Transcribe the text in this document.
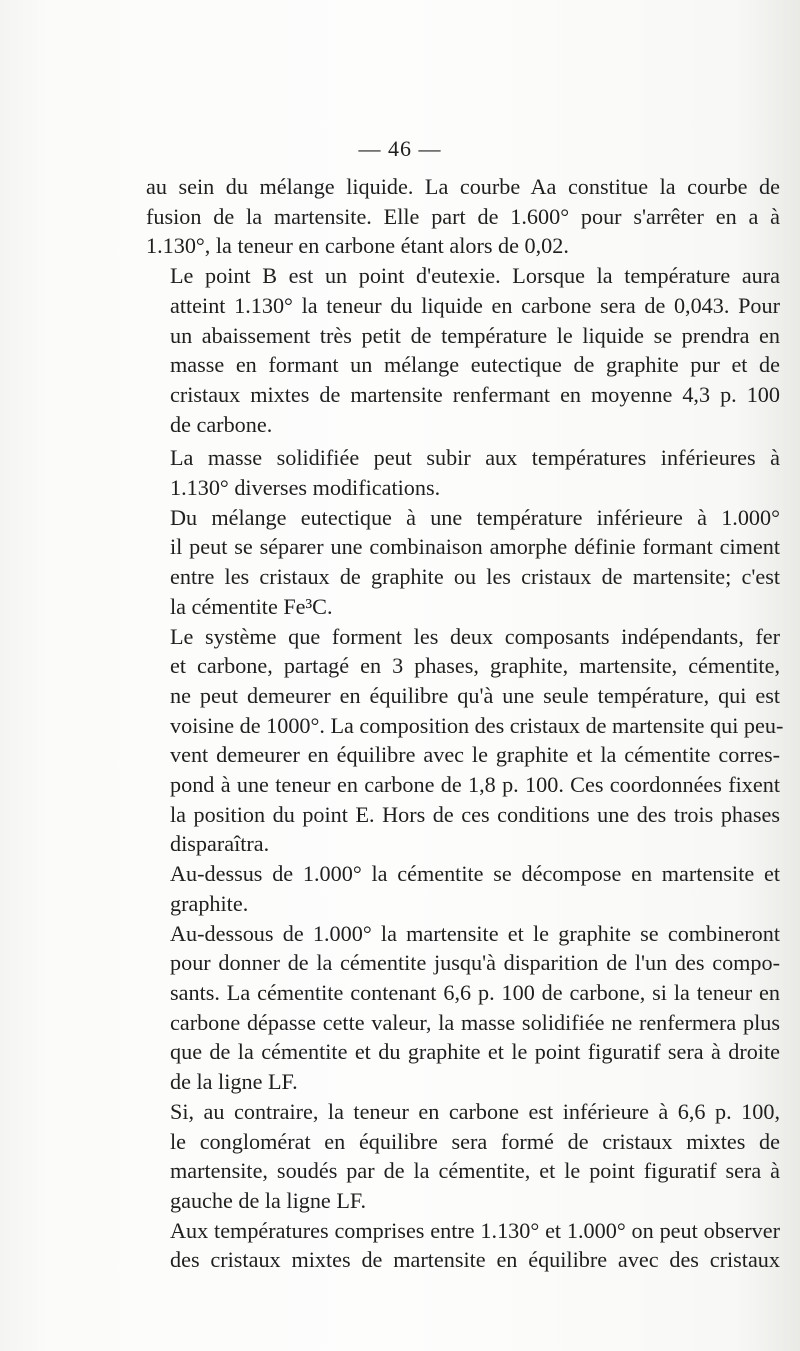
— 46 —

au sein du mélange liquide. La courbe Aa constitue la courbe de
fusion de la martensite. Elle part de 1.600° pour s'arrêter en a à
1.130°, la teneur en carbone étant alors de 0,02.

Le point B est un point d'eutexie. Lorsque la température aura
atteint 1.130° la teneur du liquide en carbone sera de 0,043. Pour
un abaissement très petit de température le liquide se prendra en
masse en formant un mélange eutectique de graphite pur et de
cristaux mixtes de martensite renfermant en moyenne 4,3 p. 100
de carbone.

La masse solidifiée peut subir aux températures inférieures à
1.130° diverses modifications.

Du mélange eutectique à une température inférieure à 1.000°
il peut se séparer une combinaison amorphe définie formant ciment
entre les cristaux de graphite ou les cristaux de martensite; c'est
la cémentite Fe³C.

Le système que forment les deux composants indépendants, fer
et carbone, partagé en 3 phases, graphite, martensite, cémentite,
ne peut demeurer en équilibre qu'à une seule température, qui est
voisine de 1000°. La composition des cristaux de martensite qui peu-
vent demeurer en équilibre avec le graphite et la cémentite corres-
pond à une teneur en carbone de 1,8 p. 100. Ces coordonnées fixent
la position du point E. Hors de ces conditions une des trois phases
disparaîtra.

Au-dessus de 1.000° la cémentite se décompose en martensite et
graphite.

Au-dessous de 1.000° la martensite et le graphite se combineront
pour donner de la cémentite jusqu'à disparition de l'un des compo-
sants. La cémentite contenant 6,6 p. 100 de carbone, si la teneur en
carbone dépasse cette valeur, la masse solidifiée ne renfermera plus
que de la cémentite et du graphite et le point figuratif sera à droite
de la ligne LF.

Si, au contraire, la teneur en carbone est inférieure à 6,6 p. 100,
le conglomérat en équilibre sera formé de cristaux mixtes de
martensite, soudés par de la cémentite, et le point figuratif sera à
gauche de la ligne LF.

Aux températures comprises entre 1.130° et 1.000° on peut observer
des cristaux mixtes de martensite en équilibre avec des cristaux
